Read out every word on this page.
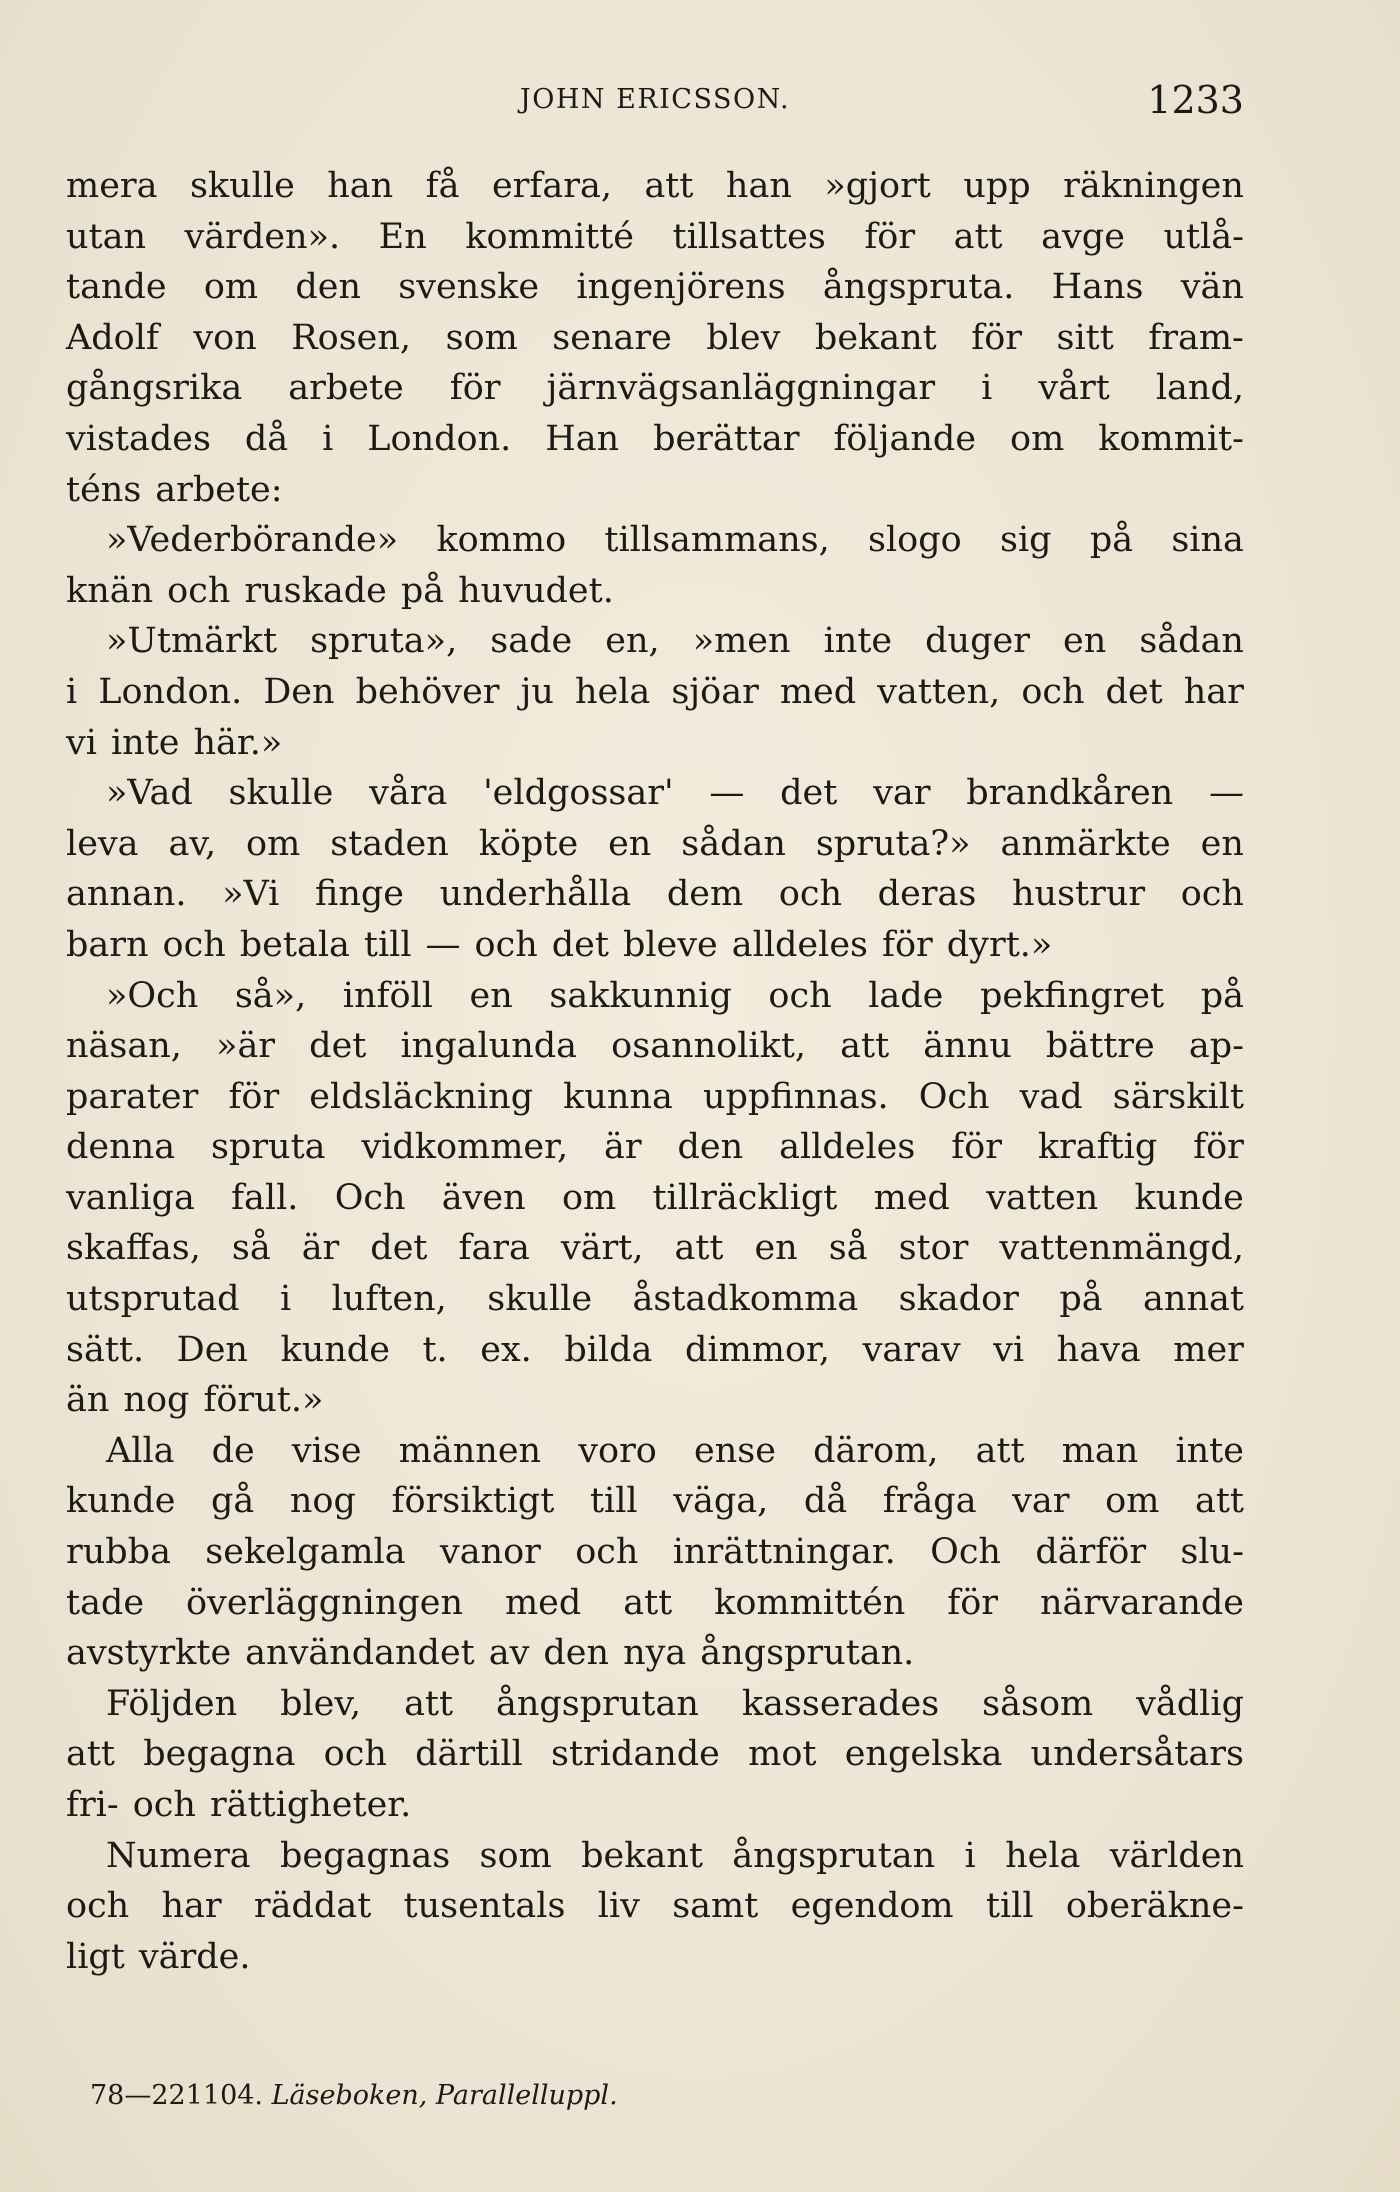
JOHN ERICSSON.	1233
mera skulle han få erfara, att han »gjort upp räkningen
utan värden». En kommitté tillsattes för att avge utlå-
tande om den svenske ingenjörens ångspruta. Hans vän
Adolf von Rosen, som senare blev bekant för sitt fram-
gångsrika arbete för järnvägsanläggningar i vårt land,
vistades då i London. Han berättar följande om kommit-
téns arbete:
»Vederbörande» kommo tillsammans, slogo sig på sina
knän och ruskade på huvudet.
»Utmärkt spruta», sade en, »men inte duger en sådan
i London. Den behöver ju hela sjöar med vatten, och det har
vi inte här.»
»Vad skulle våra 'eldgossar' — det var brandkåren —
leva av, om staden köpte en sådan spruta?» anmärkte en
annan. »Vi finge underhålla dem och deras hustrur och
barn och betala till — och det bleve alldeles för dyrt.»
»Och så», inföll en sakkunnig och lade pekfingret på
näsan, »är det ingalunda osannolikt, att ännu bättre ap-
parater för eldsläckning kunna uppfinnas. Och vad särskilt
denna spruta vidkommer, är den alldeles för kraftig för
vanliga fall. Och även om tillräckligt med vatten kunde
skaffas, så är det fara värt, att en så stor vattenmängd,
utsprutad i luften, skulle åstadkomma skador på annat
sätt. Den kunde t. ex. bilda dimmor, varav vi hava mer
än nog förut.»
Alla de vise männen voro ense därom, att man inte
kunde gå nog försiktigt till väga, då fråga var om att
rubba sekelgamla vanor och inrättningar. Och därför slu-
tade överläggningen med att kommittén för närvarande
avstyrkte användandet av den nya ångsprutan.
Följden blev, att ångsprutan kasserades såsom vådlig
att begagna och därtill stridande mot engelska undersåtars
fri- och rättigheter.
Numera begagnas som bekant ångsprutan i hela världen
och har räddat tusentals liv samt egendom till oberäkne-
ligt värde.
78—221104. Läseboken, Parallelluppl.
